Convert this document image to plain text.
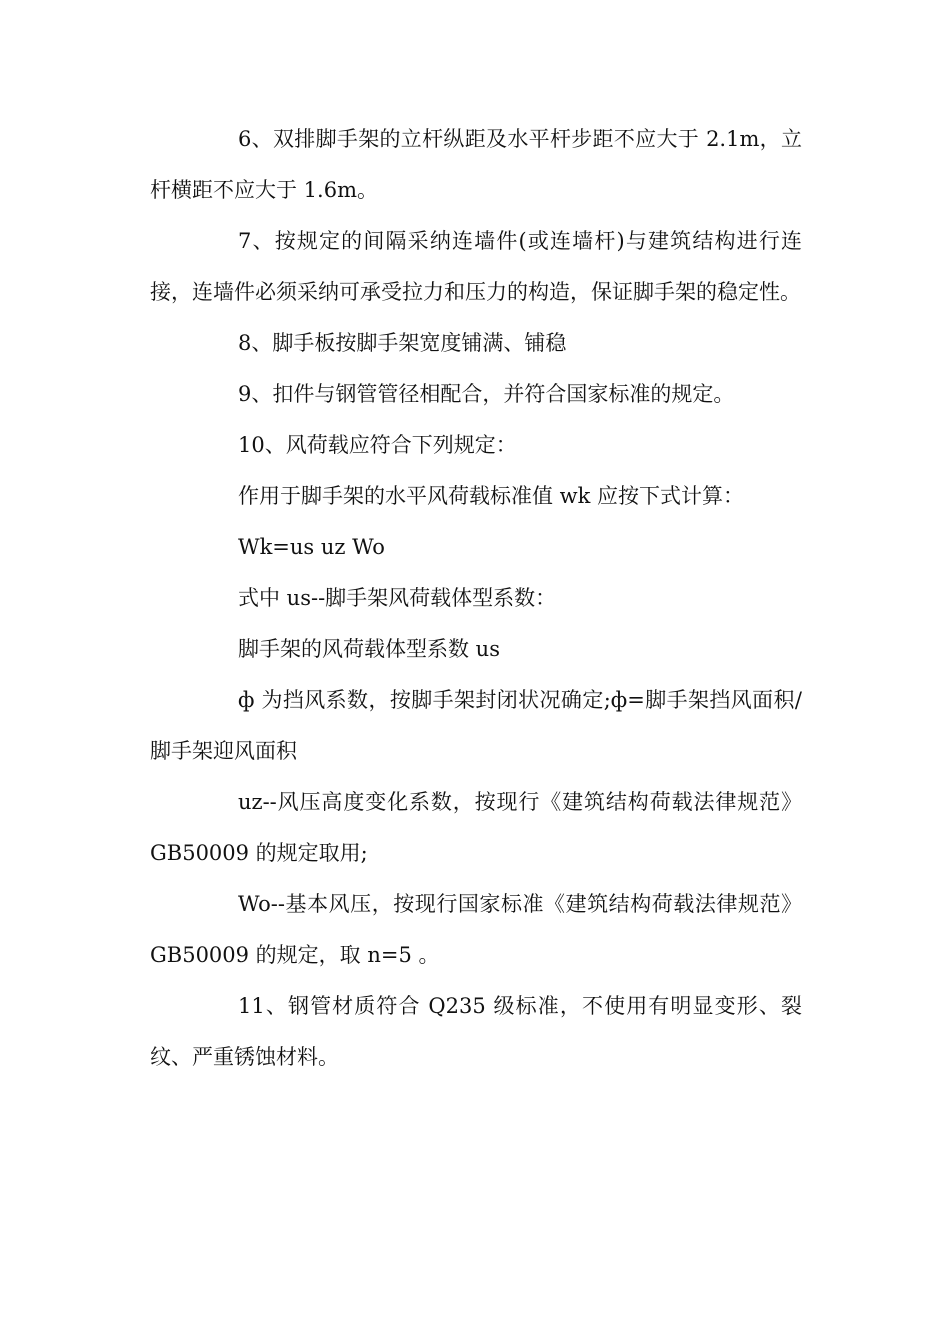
6、双排脚手架的立杆纵距及水平杆步距不应大于 2.1m，立杆横距不应大于 1.6m。

7、按规定的间隔采纳连墙件(或连墙杆)与建筑结构进行连接，连墙件必须采纳可承受拉力和压力的构造，保证脚手架的稳定性。

8、脚手板按脚手架宽度铺满、铺稳

9、扣件与钢管管径相配合，并符合国家标准的规定。

10、风荷载应符合下列规定：

作用于脚手架的水平风荷载标准值 wk 应按下式计算：

Wk=us uz Wo

式中 us--脚手架风荷载体型系数：

脚手架的风荷载体型系数 us

ф 为挡风系数，按脚手架封闭状况确定;ф=脚手架挡风面积/脚手架迎风面积

uz--风压高度变化系数，按现行《建筑结构荷载法律规范》GB50009 的规定取用;

Wo--基本风压，按现行国家标准《建筑结构荷载法律规范》GB50009 的规定，取 n=5 。

11、钢管材质符合 Q235 级标准，不使用有明显变形、裂纹、严重锈蚀材料。
